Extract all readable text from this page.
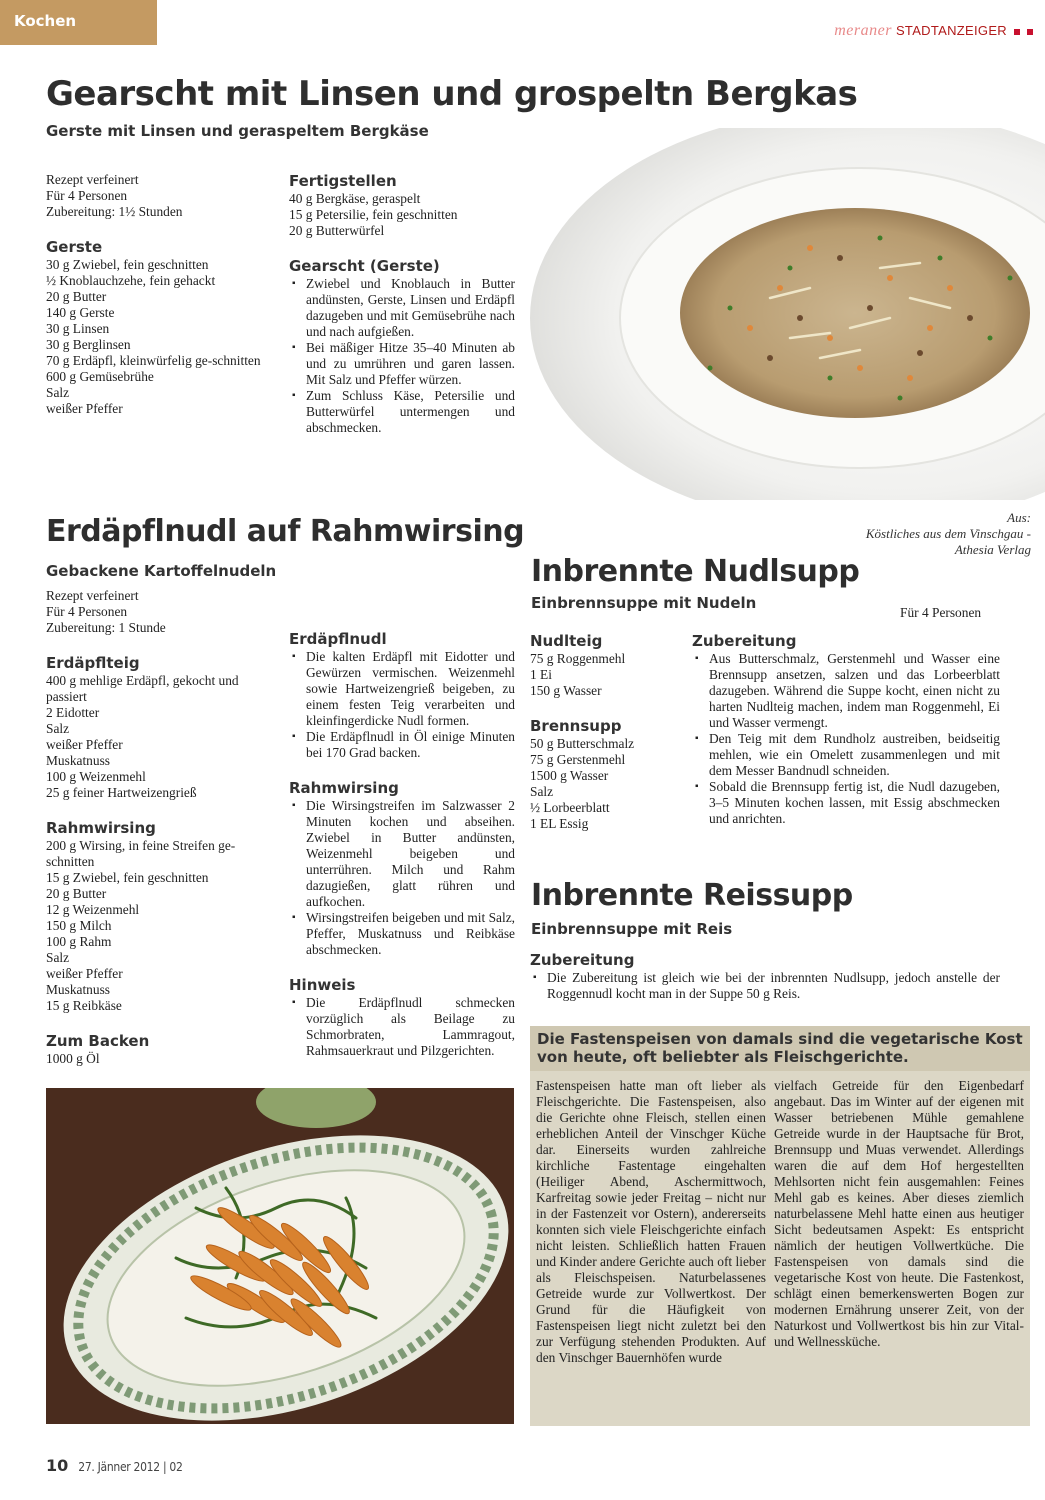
Kochen
meraner STADTANZEIGER
Gearscht mit Linsen und grospeltn Bergkas
Gerste mit Linsen und geraspeltem Bergkäse

Rezept verfeinert

Für 4 Personen

Zubereitung: 1½ Stunden

Gerste

30 g Zwiebel, fein geschnitten

½ Knoblauchzehe, fein gehackt

20 g Butter

140 g Gerste

30 g Linsen

30 g Berglinsen

70 g Erdäpfl, kleinwürfelig ge-schnitten

600 g Gemüsebrühe

Salz

weißer Pfeffer

Fertigstellen

40 g Bergkäse, geraspelt

15 g Petersilie, fein geschnitten

20 g Butterwürfel

Gearscht (Gerste)
▪ Zwiebel und Knoblauch in Butter andünsten, Gerste, Linsen und Erdäpfl dazugeben und mit Gemüsebrühe nach und nach aufgießen.
▪ Bei mäßiger Hitze 35–40 Minuten ab und zu umrühren und garen lassen. Mit Salz und Pfeffer würzen.
▪ Zum Schluss Käse, Petersilie und Butterwürfel untermengen und abschmecken.
Aus:
Köstliches aus dem Vinschgau -
Athesia Verlag
Erdäpflnudl auf Rahmwirsing
Gebackene Kartoffelnudeln

Rezept verfeinert

Für 4 Personen

Zubereitung: 1 Stunde

Erdäpflteig

400 g mehlige Erdäpfl, gekocht und passiert

2 Eidotter

Salz

weißer Pfeffer

Muskatnuss

100 g Weizenmehl

25 g feiner Hartweizengrieß

Rahmwirsing

200 g Wirsing, in feine Streifen ge-schnitten

15 g Zwiebel, fein geschnitten

20 g Butter

12 g Weizenmehl

150 g Milch

100 g Rahm

Salz

weißer Pfeffer

Muskatnuss

15 g Reibkäse

Zum Backen

1000 g Öl

Erdäpflnudl
▪ Die kalten Erdäpfl mit Eidotter und Gewürzen vermischen. Weizenmehl sowie Hartweizengrieß beigeben, zu einem festen Teig verarbeiten und kleinfingerdicke Nudl formen.
▪ Die Erdäpflnudl in Öl einige Minuten bei 170 Grad backen.
Rahmwirsing
▪ Die Wirsingstreifen im Salzwasser 2 Minuten kochen und abseihen. Zwiebel in Butter andünsten, Weizenmehl beigeben und unterrühren. Milch und Rahm dazugießen, glatt rühren und aufkochen.
▪ Wirsingstreifen beigeben und mit Salz, Pfeffer, Muskatnuss und Reibkäse abschmecken.
Hinweis
▪ Die Erdäpflnudl schmecken vorzüglich als Beilage zu Schmorbraten, Lammragout, Rahmsauerkraut und Pilzgerichten.
Inbrennte Nudlsupp
Einbrennsuppe mit Nudeln
Für 4 Personen
Nudlteig

75 g Roggenmehl

1 Ei

150 g Wasser

Brennsupp

50 g Butterschmalz

75 g Gerstenmehl

1500 g Wasser

Salz

½ Lorbeerblatt

1 EL Essig

Zubereitung
▪ Aus Butterschmalz, Gerstenmehl und Wasser eine Brennsupp ansetzen, salzen und das Lorbeerblatt dazugeben. Während die Suppe kocht, einen nicht zu harten Nudlteig machen, indem man Roggenmehl, Ei und Wasser vermengt.
▪ Den Teig mit dem Rundholz austreiben, beidseitig mehlen, wie ein Omelett zusammenlegen und mit dem Messer Bandnudl schneiden.
▪ Sobald die Brennsupp fertig ist, die Nudl dazugeben, 3–5 Minuten kochen lassen, mit Essig abschmecken und anrichten.
Inbrennte Reissupp
Einbrennsuppe mit Reis
Zubereitung
▪ Die Zubereitung ist gleich wie bei der inbrennten Nudlsupp, jedoch anstelle der Roggennudl kocht man in der Suppe 50 g Reis.
Die Fastenspeisen von damals sind die vegetarische Kost von heute, oft beliebter als Fleischgerichte.
Fastenspeisen hatte man oft lieber als Fleischgerichte. Die Fastenspeisen, also die Gerichte ohne Fleisch, stellen einen erheblichen Anteil der Vinschger Küche dar. Einerseits wurden zahlreiche kirchliche Fastentage eingehalten (Heiliger Abend, Aschermittwoch, Karfreitag sowie jeder Freitag – nicht nur in der Fastenzeit vor Ostern), andererseits konnten sich viele Fleischgerichte einfach nicht leisten. Schließlich hatten Frauen und Kinder andere Gerichte auch oft lieber als Fleischspeisen. Naturbelassenes Getreide wurde zur Vollwertkost. Der Grund für die Häufigkeit von Fastenspeisen liegt nicht zuletzt bei den zur Verfügung stehenden Produkten. Auf den Vinschger Bauernhöfen wurde
vielfach Getreide für den Eigenbedarf angebaut. Das im Winter auf der eigenen mit Wasser betriebenen Mühle gemahlene Getreide wurde in der Hauptsache für Brot, Brennsupp und Muas verwendet. Allerdings waren die auf dem Hof hergestellten Mehlsorten nicht fein ausgemahlen: Feines Mehl gab es keines. Aber dieses ziemlich naturbelassene Mehl hatte einen aus heutiger Sicht bedeutsamen Aspekt: Es entspricht nämlich der heutigen Vollwertküche. Die Fastenspeisen von damals sind die vegetarische Kost von heute. Die Fastenkost, schlägt einen bemerkenswerten Bogen zur modernen Ernährung unserer Zeit, von der Naturkost und Vollwertkost bis hin zur Vital- und Wellnessküche.
10 27. Jänner 2012 | 02
